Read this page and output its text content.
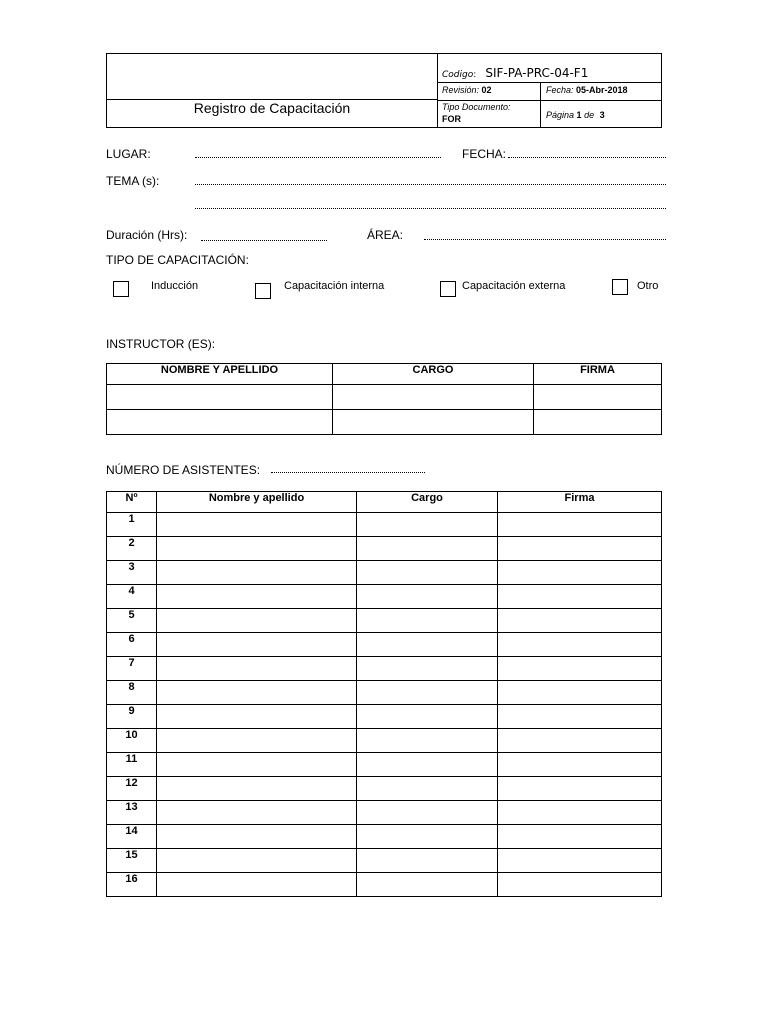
Registro de Capacitación
Codigo: SIF-PA-PRC-04-F1
Revisión: 02	Fecha: 05-Abr-2018
Tipo Documento:
FOR	Página 1 de 3
LUGAR:	FECHA:
TEMA (s):
Duración (Hrs):	ÁREA:
TIPO DE CAPACITACIÓN:
Inducción	Capacitación interna	Capacitación externa	Otro
INSTRUCTOR (ES):
NOMBRE Y APELLIDO	CARGO	FIRMA

NÚMERO DE ASISTENTES:
Nº	Nombre y apellido	Cargo	Firma
1			
2			
3			
4			
5			
6			
7			
8			
9			
10			
11			
12			
13			
14			
15			
16			
